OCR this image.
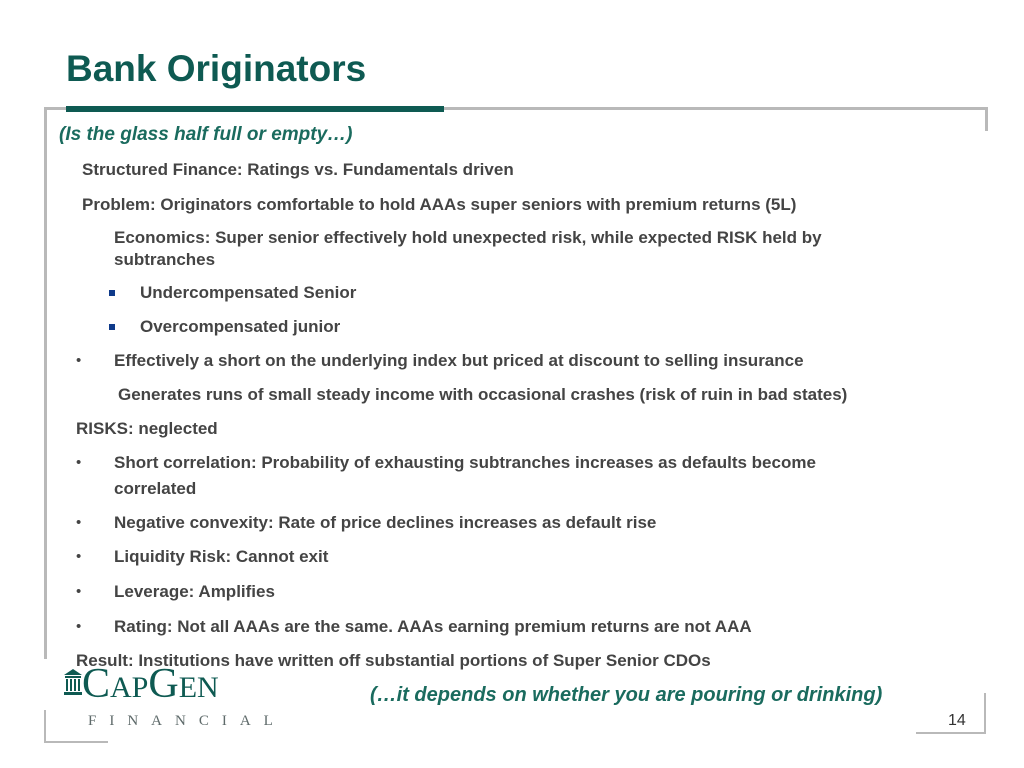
Bank Originators
(Is the glass half full or empty…)
Structured Finance: Ratings vs. Fundamentals driven
Problem: Originators comfortable to hold AAAs super seniors with premium returns (5L)
Economics: Super senior effectively hold unexpected risk, while expected RISK held by
subtranches
Undercompensated Senior
Overcompensated junior
• Effectively a short on the underlying index but priced at discount to selling insurance
Generates runs of small steady income with occasional crashes (risk of ruin in bad states)
RISKS: neglected
• Short correlation: Probability of exhausting subtranches increases as defaults become
correlated
• Negative convexity: Rate of price declines increases as default rise
• Liquidity Risk: Cannot exit
• Leverage: Amplifies
• Rating: Not all AAAs are the same. AAAs earning premium returns are not AAA
Result: Institutions have written off substantial portions of Super Senior CDOs
CAPGEN
FINANCIAL
(…it depends on whether you are pouring or drinking)
14
